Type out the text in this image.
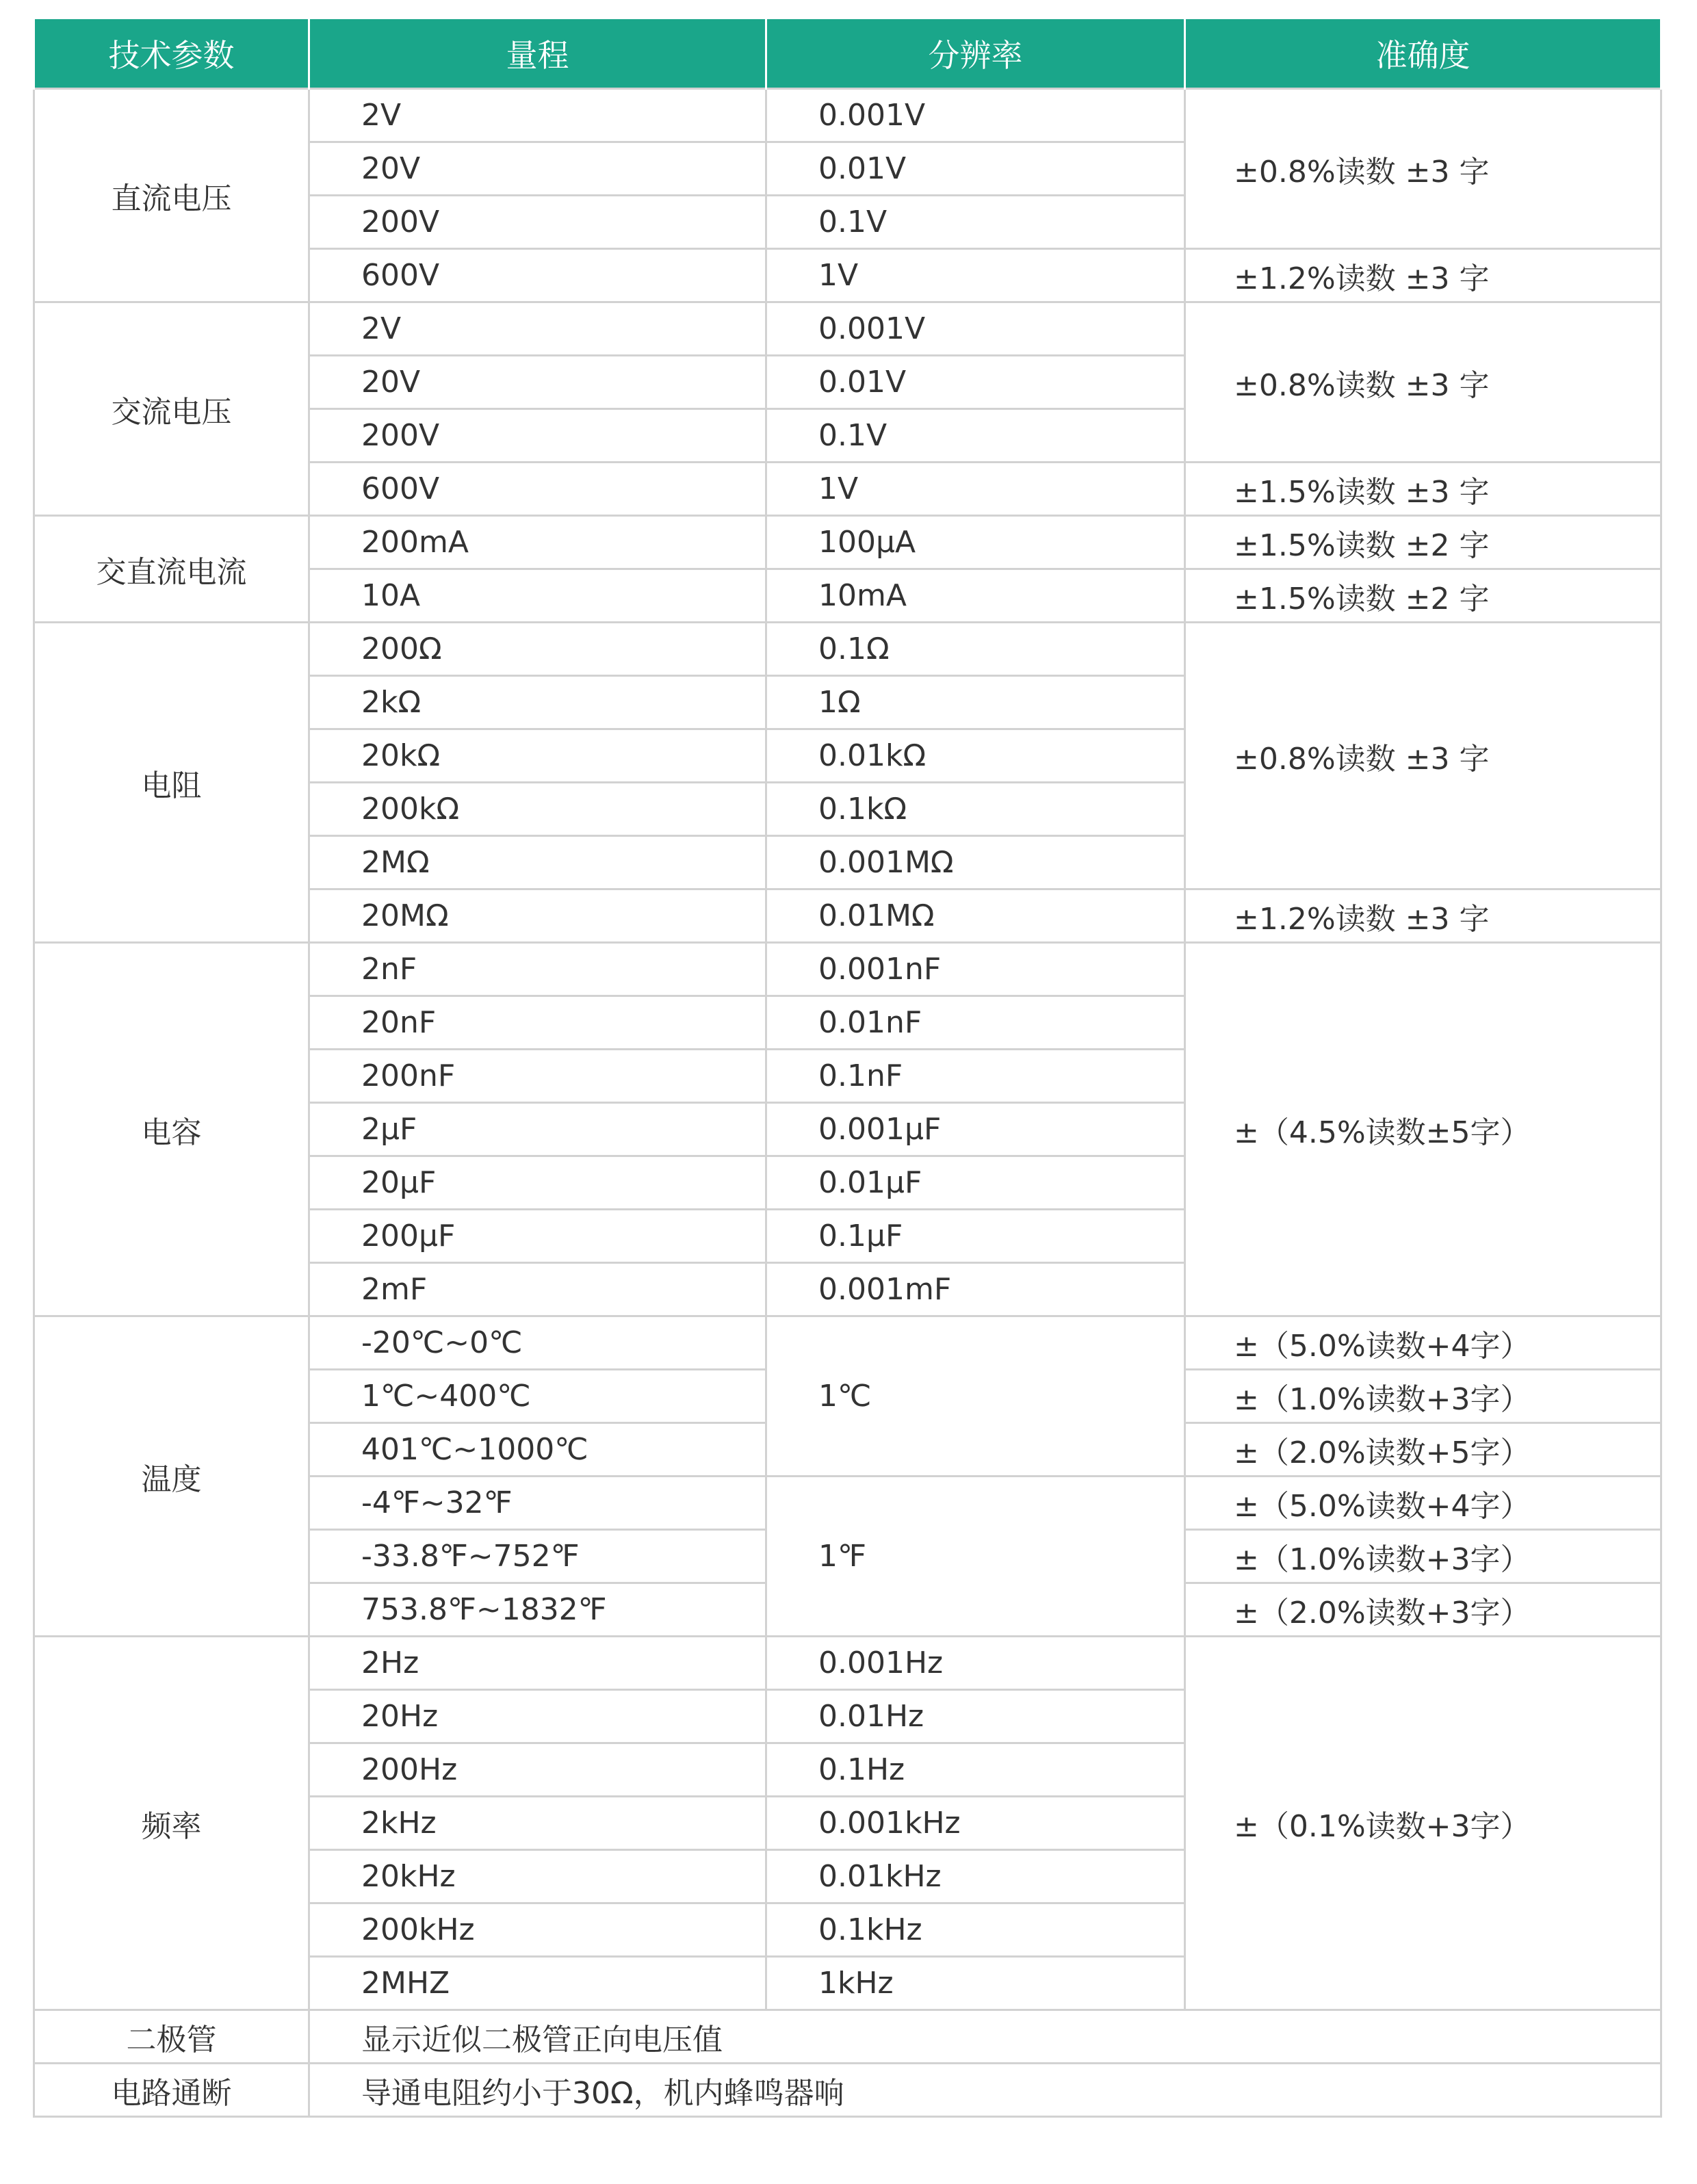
技术参数	量程	分辨率	准确度
直流电压	2V	0.001V	±0.8%读数 ±3 字
	20V	0.01V	
	200V	0.1V	
	600V	1V	±1.2%读数 ±3 字
交流电压	2V	0.001V	±0.8%读数 ±3 字
	20V	0.01V	
	200V	0.1V	
	600V	1V	±1.5%读数 ±3 字
交直流电流	200mA	100μA	±1.5%读数 ±2 字
	10A	10mA	±1.5%读数 ±2 字
电阻	200Ω	0.1Ω	±0.8%读数 ±3 字
	2kΩ	1Ω	
	20kΩ	0.01kΩ	
	200kΩ	0.1kΩ	
	2MΩ	0.001MΩ	
	20MΩ	0.01MΩ	±1.2%读数 ±3 字
电容	2nF	0.001nF	±（4.5%读数±5字）
	20nF	0.01nF	
	200nF	0.1nF	
	2μF	0.001μF	
	20μF	0.01μF	
	200μF	0.1μF	
	2mF	0.001mF	
温度	-20℃~0℃	1℃	±（5.0%读数+4字）
	1℃~400℃		±（1.0%读数+3字）
	401℃~1000℃		±（2.0%读数+5字）
	-4℉~32℉	1℉	±（5.0%读数+4字）
	-33.8℉~752℉		±（1.0%读数+3字）
	753.8℉~1832℉		±（2.0%读数+3字）
频率	2Hz	0.001Hz	±（0.1%读数+3字）
	20Hz	0.01Hz	
	200Hz	0.1Hz	
	2kHz	0.001kHz	
	20kHz	0.01kHz	
	200kHz	0.1kHz	
	2MHZ	1kHz	
二极管	显示近似二极管正向电压值		
电路通断	导通电阻约小于30Ω，机内蜂鸣器响		
